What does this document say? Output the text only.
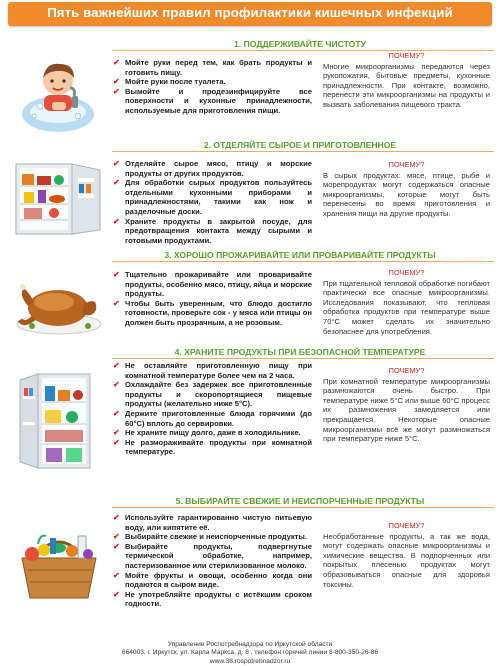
Пять важнейших правил профилактики кишечных инфекций
1. ПОДДЕРЖИВАЙТЕ ЧИСТОТУ
✔ Мойте руки перед тем, как брать продукты и готовить пищу.
✔ Мойте руки после туалета.
✔ Вымойте и продезинфицируйте все поверхности и кухонные принадлежности, используемые для приготовления пищи.
ПОЧЕМУ?
Многие микроорганизмы передаются через рукопожатия, бытовые предметы, кухонные принадлежности. При контакте, возможно, перенести эти микроорганизмы на продукты и вызвать заболевания пищевого тракта.
2. ОТДЕЛЯЙТЕ СЫРОЕ И ПРИГОТОВЛЕННОЕ
✔ Отделяйте сырое мясо, птицу и морские продукты от других продуктов.
✔ Для обработки сырых продуктов пользуйтесь отдельными кухонными приборами и принадлежностями, такими как нож и разделочные доски.
✔ Храните продукты в закрытой посуде, для предотвращения контакта между сырыми и готовыми продуктами.
ПОЧЕМУ?
В сырых продуктах: мясе, птице, рыбе и морепродуктах могут содержаться опасные микроорганизмы, которые могут быть перенесены во время приготовления и хранения пищи на другие продукты.
3. ХОРОШО ПРОЖАРИВАЙТЕ ИЛИ ПРОВАРИВАЙТЕ ПРОДУКТЫ
✔ Тщательно прожаривайте или проваривайте продукты, особенно мясо, птицу, яйца и морские продукты.
✔ Чтобы быть уверенным, что блюдо достигло готовности, проверьте сок - у мяса или птицы он должен быть прозрачным, а не розовым.
ПОЧЕМУ?
При тщательной тепловой обработке погибают практически все опасные микроорганизмы. Исследования показывают, что тепловая обработка продуктов при температуре выше 70°С может сделать их значительно безопаснее для употребления.
4. ХРАНИТЕ ПРОДУКТЫ ПРИ БЕЗОПАСНОЙ ТЕМПЕРАТУРЕ
✔ Не оставляйте приготовленную пищу при комнатной температуре более чем на 2 часа.
✔ Охлаждайте без задержек все приготовленные продукты и скоропортящиеся пищевые продукты (желательно ниже 5°С).
✔ Держите приготовленные блюда горячими (до 60°С) вплоть до сервировки.
✔ Не храните пищу долго, даже в холодильнике.
✔ Не размораживайте продукты при комнатной температуре.
ПОЧЕМУ?
При комнатной температуре микроорганизмы размножаются очень быстро. При температуре ниже 5°С или выше 60°С процесс их размножения замедляется или прекращается. Некоторые опасные микроорганизмы всё же могут размножаться при температуре ниже 5°С.
5. ВЫБИРАЙТЕ СВЕЖИЕ И НЕИСПОРЧЕННЫЕ ПРОДУКТЫ
✔ Используйте гарантированно чистую питьевую воду, или кипятите её.
✔ Выбирайте свежие и неиспорченные продукты.
✔ Выбирайте продукты, подвергнутые термической обработке, например, пастеризованное или стерилизованное молоко.
✔ Мойте фрукты и овощи, особенно когда они подаются в сыром виде.
✔ Не употребляйте продукты с истёкшим сроком годности.
ПОЧЕМУ?
Необработанные продукты, а так же вода, могут содержать опасные микроорганизмы и химические вещества. В подпорченных или покрытых плесенью продуктах могут образовываться опасные для здоровья токсины.
Управление Роспотребнадзора по Иркутской области
664003, г. Иркутск, ул. Карла Маркса, д. 8 , телефон горячей линии 8-800-350-26-86
www.38.rospotrebnadzor.ru
